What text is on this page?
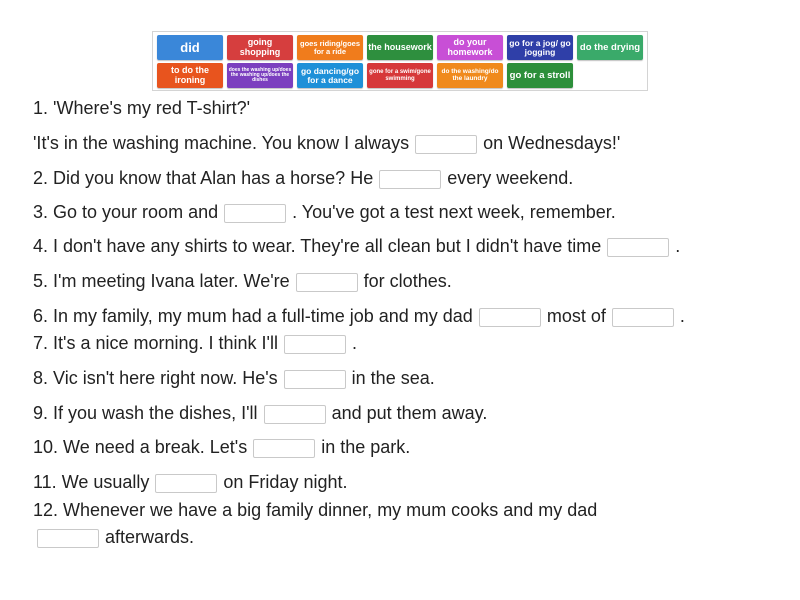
did	going shopping
goes riding/goes for a ride	the housework	do your homework
go for a jog/ go jogging	do the drying
to do the ironing
does the washing up/does the washing up/does the dishes
go dancing/go for a dance
gone for a swim/gone swimming
do the washing/do the laundry	go for a stroll
1. 'Where's my red T-shirt?'
'It's in the washing machine. You know I always	on Wednesdays!'
2. Did you know that Alan has a horse? He	every weekend.
3. Go to your room and	. You've got a test next week, remember.
4. I don't have any shirts to wear. They're all clean but I didn't have time	.
5. I'm meeting Ivana later. We're	for clothes.
6. In my family, my mum had a full-time job and my dad	most of	.
7. It's a nice morning. I think I'll	.
8. Vic isn't here right now. He's	in the sea.
9. If you wash the dishes, I'll	and put them away.
10. We need a break. Let's	in the park.
11. We usually	on Friday night.
12. Whenever we have a big family dinner, my mum cooks and my dad
afterwards.
